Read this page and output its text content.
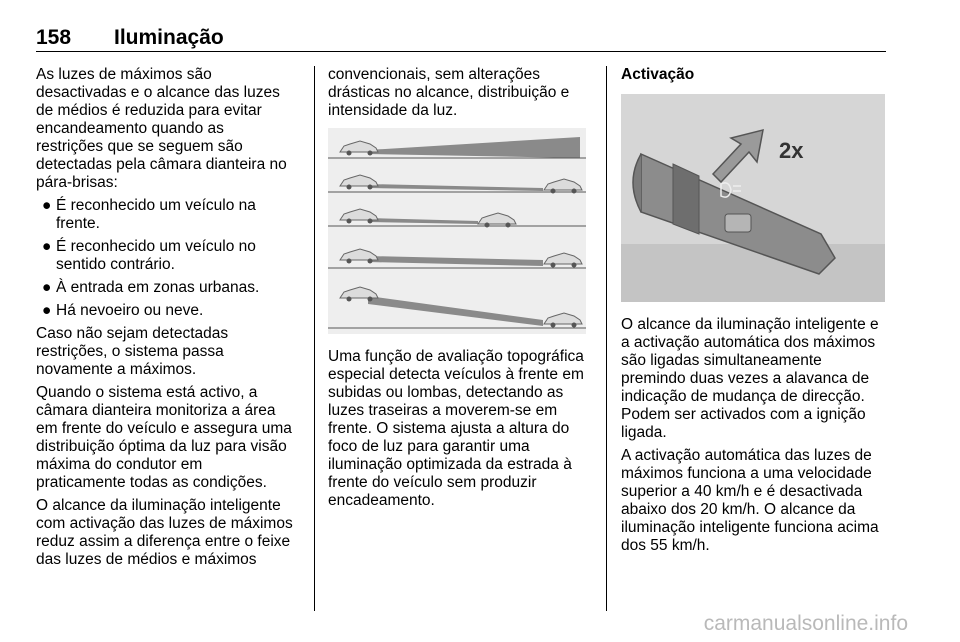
158 Iluminação

As luzes de máximos são
desactivadas e o alcance das luzes
de médios é reduzida para evitar
encandeamento quando as
restrições que se seguem são
detectadas pela câmara dianteira no
pára-brisas:

● É reconhecido um veículo na
frente.
● É reconhecido um veículo no
sentido contrário.
● À entrada em zonas urbanas.
● Há nevoeiro ou neve.

Caso não sejam detectadas
restrições, o sistema passa
novamente a máximos.

Quando o sistema está activo, a
câmara dianteira monitoriza a área
em frente do veículo e assegura uma
distribuição óptima da luz para visão
máxima do condutor em
praticamente todas as condições.

O alcance da iluminação inteligente
com activação das luzes de máximos
reduz assim a diferença entre o feixe
das luzes de médios e máximos

convencionais, sem alterações
drásticas no alcance, distribuição e
intensidade da luz.

Uma função de avaliação topográfica
especial detecta veículos à frente em
subidas ou lombas, detectando as
luzes traseiras a moverem-se em
frente. O sistema ajusta a altura do
foco de luz para garantir uma
iluminação optimizada da estrada à
frente do veículo sem produzir
encadeamento.

Activação
2x

O alcance da iluminação inteligente e
a activação automática dos máximos
são ligadas simultaneamente
premindo duas vezes a alavanca de
indicação de mudança de direcção.
Podem ser activados com a ignição
ligada.

A activação automática das luzes de
máximos funciona a uma velocidade
superior a 40 km/h e é desactivada
abaixo dos 20 km/h. O alcance da
iluminação inteligente funciona acima
dos 55 km/h.

carmanualsonline.info
